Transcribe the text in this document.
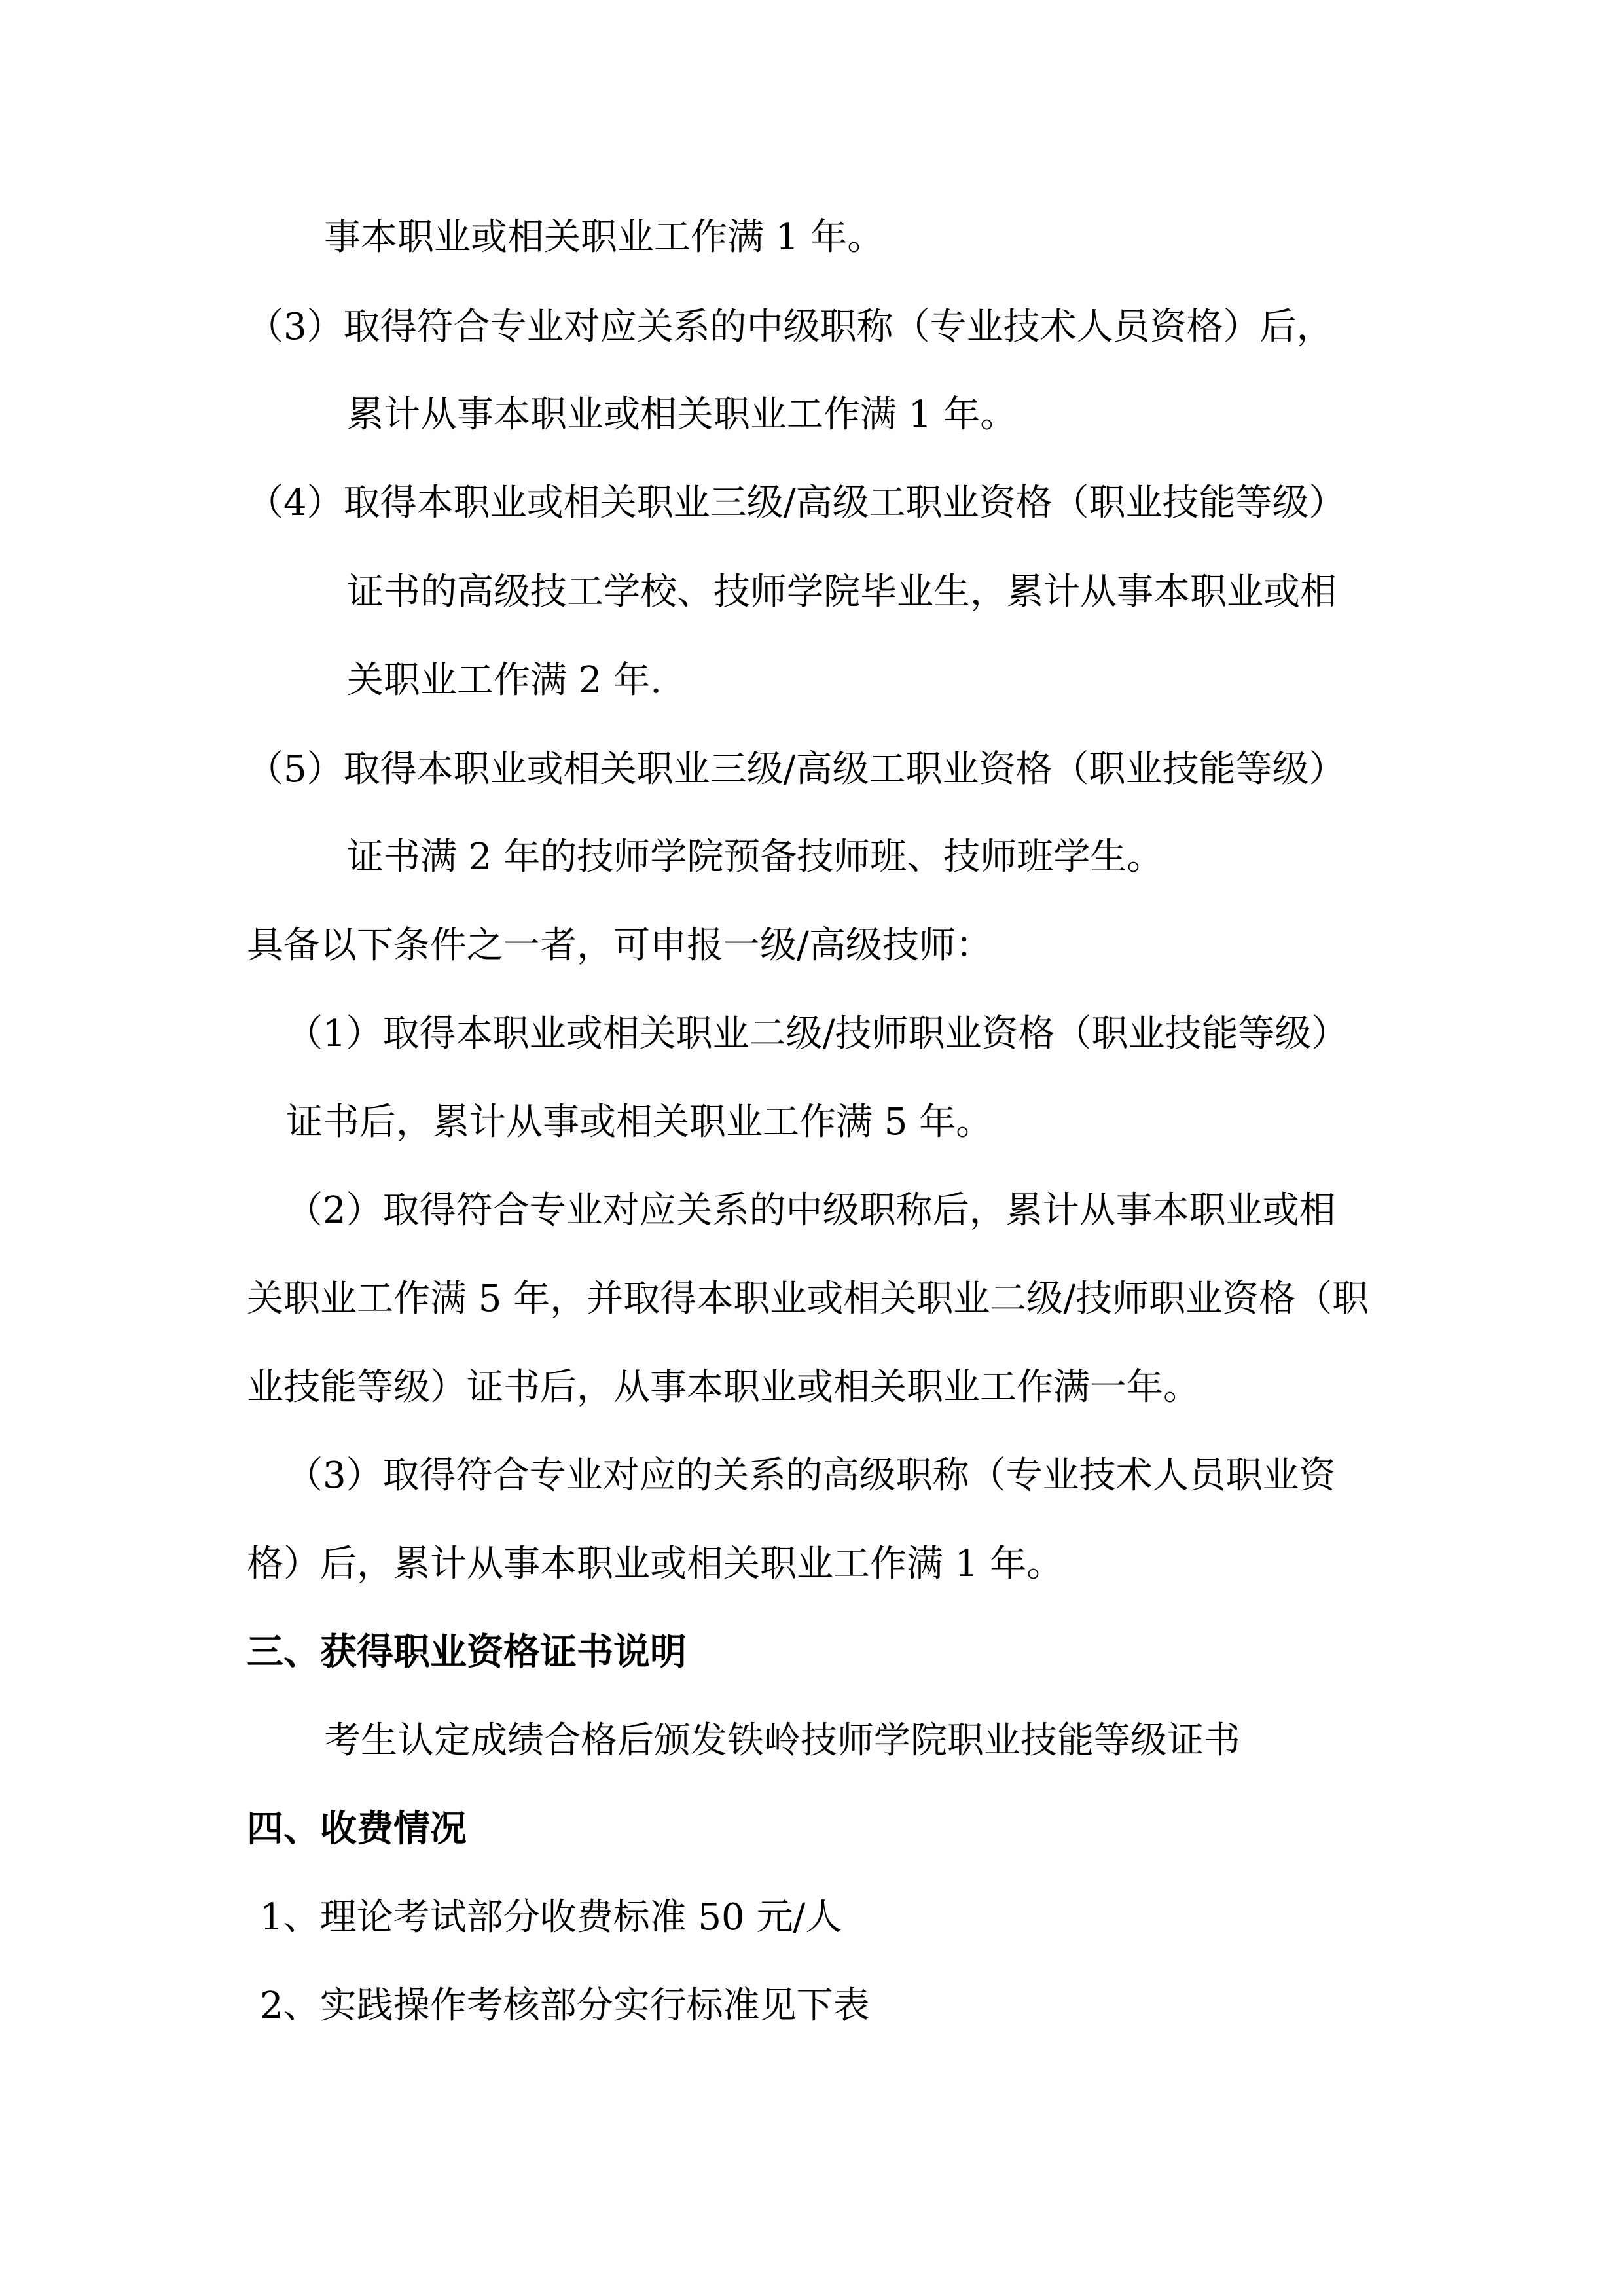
事本职业或相关职业工作满 1 年。
（3）取得符合专业对应关系的中级职称（专业技术人员资格）后，
累计从事本职业或相关职业工作满 1 年。
（4）取得本职业或相关职业三级/高级工职业资格（职业技能等级）
证书的高级技工学校、技师学院毕业生，累计从事本职业或相
关职业工作满 2 年.
（5）取得本职业或相关职业三级/高级工职业资格（职业技能等级）
证书满 2 年的技师学院预备技师班、技师班学生。
具备以下条件之一者，可申报一级/高级技师：
（1）取得本职业或相关职业二级/技师职业资格（职业技能等级）
证书后，累计从事或相关职业工作满 5 年。
（2）取得符合专业对应关系的中级职称后，累计从事本职业或相
关职业工作满 5 年，并取得本职业或相关职业二级/技师职业资格（职
业技能等级）证书后，从事本职业或相关职业工作满一年。
（3）取得符合专业对应的关系的高级职称（专业技术人员职业资
格）后，累计从事本职业或相关职业工作满 1 年。
三、获得职业资格证书说明
考生认定成绩合格后颁发铁岭技师学院职业技能等级证书
四、收费情况
1、理论考试部分收费标准 50 元/人
2、实践操作考核部分实行标准见下表
